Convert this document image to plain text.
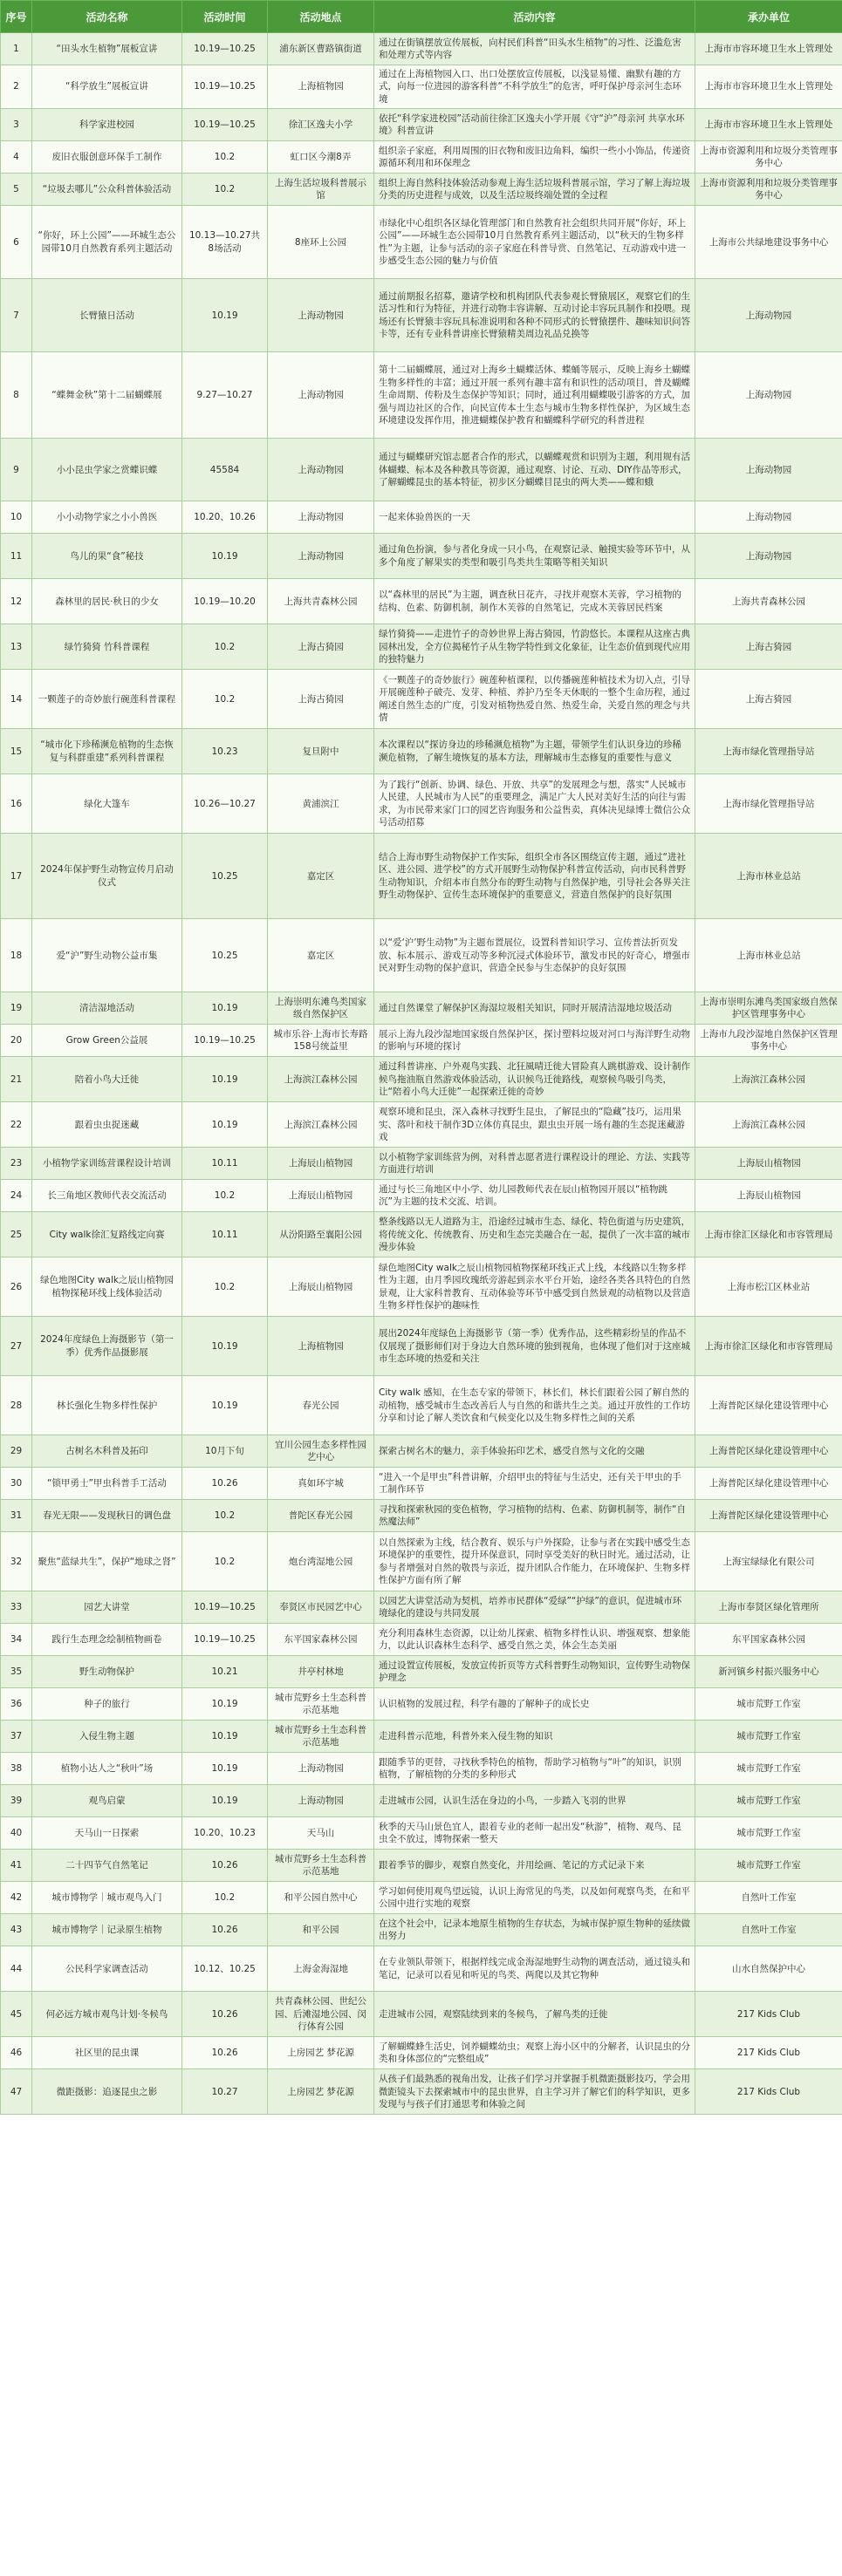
序号	活动名称	活动时间	活动地点	活动内容	承办单位
1	“田头水生植物”展板宣讲	10.19—10.25	浦东新区曹路镇街道	通过在街镇摆放宣传展板，向村民们科普“田头水生植物”的习性、泛滥危害和处理方式等内容	上海市市容环境卫生水上管理处
2	“科学放生”展板宣讲	10.19—10.25	上海植物园	通过在上海植物园入口、出口处摆放宣传展板，以浅显易懂、幽默有趣的方式，向每一位进园的游客科普“不科学放生”的危害，呼吁保护母亲河生态环境	上海市市容环境卫生水上管理处
3	科学家进校园	10.19—10.25	徐汇区逸夫小学	依托“科学家进校园”活动前往徐汇区逸夫小学开展《守“沪”母亲河 共享水环境》科普宣讲	上海市市容环境卫生水上管理处
4	废旧衣服创意环保手工制作	10.2	虹口区今潮8弄	组织亲子家庭，利用周围的旧衣物和废旧边角料，编织一些小小饰品，传递资源循环利用和环保理念	上海市资源利用和垃圾分类管理事务中心
5	“垃圾去哪儿”公众科普体验活动	10.2	上海生活垃圾科普展示馆	组织上海自然科技体验活动参观上海生活垃圾科普展示馆，学习了解上海垃圾分类的历史进程与成效，以及生活垃圾终端处置的全过程	上海市资源利用和垃圾分类管理事务中心
6	“你好，环上公园”——环城生态公园带10月自然教育系列主题活动	10.13—10.27共8场活动	8座环上公园	市绿化中心组织各区绿化管理部门和自然教育社会组织共同开展“你好，环上公园”——环城生态公园带10月自然教育系列主题活动，以“秋天的生物多样性”为主题，让参与活动的亲子家庭在科普导赏、自然笔记、互动游戏中进一步感受生态公园的魅力与价值	上海市公共绿地建设事务中心
7	长臂猿日活动	10.19	上海动物园	通过前期报名招募，邀请学校和机构团队代表参观长臂猿展区，观察它们的生活习性和行为特征，并进行动物丰容讲解、互动讨论丰容玩具制作和投喂。现场还有长臂猿丰容玩具标准说明和各种不同形式的长臂猿摆件、趣味知识问答卡等，还有专业科普讲座长臂猿精美周边礼品兑换等	上海动物园
8	“蝶舞金秋”第十二届蝴蝶展	9.27—10.27	上海动物园	第十二届蝴蝶展，通过对上海乡土蝴蝶活体、蝶蛹等展示，反映上海乡土蝴蝶生物多样性的丰富；通过开展一系列有趣丰富有和识性的活动项目，普及蝴蝶生命周期、传粉及生态保护等知识；同时，通过利用蝴蝶吸引游客的方式，加强与周边社区的合作，向民宣传本土生态与城市生物多样性保护，为区域生态环境建设发挥作用，推进蝴蝶保护教育和蝴蝶科学研究的科普进程	上海动物园
9	小小昆虫学家之赏蝶识蝶	45584	上海动物园	通过与蝴蝶研究馆志愿者合作的形式，以蝴蝶观赏和识别为主题，利用规有活体蝴蝶、标本及各种教具等资源，通过观察、讨论、互动、DIY作品等形式，了解蝴蝶昆虫的基本特征，初步区分蝴蝶目昆虫的两大类——蝶和蛾	上海动物园
10	小小动物学家之小小兽医	10.20、10.26	上海动物园	一起来体验兽医的一天	上海动物园
11	鸟儿的果“食”秘技	10.19	上海动物园	通过角色扮演，参与者化身成一只小鸟，在观察记录、触摸实验等环节中，从多个角度了解果实的类型和吸引鸟类共生策略等相关知识	上海动物园
12	森林里的居民·秋日的少女	10.19—10.20	上海共青森林公园	以“森林里的居民”为主题，调查秋日花卉，寻找并观察木芙蓉，学习植物的结构、色素、防御机制，制作木芙蓉的自然笔记，完成木芙蓉居民档案	上海共青森林公园
13	绿竹猗猗 竹科普课程	10.2	上海古猗园	绿竹猗猗——走进竹子的奇妙世界上海古猗园，竹韵悠长。本课程从这座古典园林出发，全方位揭秘竹子从生物学特性到文化象征，让生态价值到现代应用的独特魅力	上海古猗园
14	一颗莲子的奇妙旅行碗莲科普课程	10.2	上海古猗园	《一颗莲子的奇妙旅行》碗莲种植课程，以传播碗莲种植技术为切入点，引导开展碗莲种子破壳、发芽、种植、养护乃至冬天休眠的一整个生命历程，通过阐述自然生态的广度，引发对植物热爱自然、热爱生命，关爱自然的理念与共情	上海古猗园
15	“城市化下珍稀濒危植物的生态恢复与科群重建”系列科普课程	10.23	复旦附中	本次课程以“探访身边的珍稀濒危植物”为主题，带领学生们认识身边的珍稀濒危植物，了解生境恢复的基本方法，理解城市生态修复的重要性与意义	上海市绿化管理指导站
16	绿化大篷车	10.26—10.27	黄浦滨江	为了践行“创新、协调、绿色、开放、共享”的发展理念与想，落实“人民城市人民建，人民城市为人民”的重要理念，满足广大人民对美好生活的向往与需求，为市民带来家门口的园艺咨询服务和公益售卖，真体决见绿博士微信公众号活动招募	上海市绿化管理指导站
17	2024年保护野生动物宣传月启动仪式	10.25	嘉定区	结合上海市野生动物保护工作实际，组织全市各区围绕宣传主题，通过“进社区、进公园、进学校”的方式开展野生动物保护科普宣传活动，向市民科普野生动物知识，介绍本市自然分布的野生动物与自然保护地，引导社会各界关注野生动物保护、宣传生态环境保护的重要意义，营造自然保护的良好氛围	上海市林业总站
18	爱“沪”野生动物公益市集	10.25	嘉定区	以“爱‘沪’野生动物”为主题布置展位，设置科普知识学习、宣传普法折页发放、标本展示、游戏互动等多种沉浸式体验环节，激发市民的好奇心，增强市民对野生动物的保护意识，营造全民参与生态保护的良好氛围	上海市林业总站
19	清洁湿地活动	10.19	上海崇明东滩鸟类国家级自然保护区	通过自然课堂了解保护区海湿垃圾相关知识，同时开展清洁湿地垃圾活动	上海市崇明东滩鸟类国家级自然保护区管理事务中心
20	Grow Green公益展	10.19—10.25	城市乐谷·上海市长寿路158号统益里	展示上海九段沙湿地国家级自然保护区，探讨塑料垃圾对河口与海洋野生动物的影响与环境的探讨	上海市九段沙湿地自然保护区管理事务中心
21	陪着小鸟大迁徙	10.19	上海滨江森林公园	通过科普讲座、户外观鸟实践、北狂風晴迁徙大冒险真人跳棋游戏、设计制作候鸟拖油瓶自然游戏体验活动，认识候鸟迁徙路线，观察候鸟吸引鸟类，让“陪着小鸟大迁徙”一起探索迁徙的奇妙	上海滨江森林公园
22	跟着虫虫捉迷藏	10.19	上海滨江森林公园	观察环境和昆虫，深入森林寻找野生昆虫，了解昆虫的“隐藏”技巧，运用果实、落叶和枝干制作3D立体仿真昆虫，跟虫虫开展一场有趣的生态捉迷藏游戏	上海滨江森林公园
23	小植物学家训练营课程设计培训	10.11	上海辰山植物园	以小植物学家训练营为例，对科普志愿者进行课程设计的理论、方法、实践等方面进行培训	上海辰山植物园
24	长三角地区教师代表交流活动	10.2	上海辰山植物园	通过与长三角地区中小学、幼儿园教师代表在辰山植物园开展以“植物跳沉”为主题的技术交流、培训。	上海辰山植物园
25	City walk徐汇复路线定向赛	10.11	从汾阳路至襄阳公园	整条线路以无人道路为主，沿途经过城市生态、绿化、特色街道与历史建筑，将传统文化、传统教育、历史和生态完美融合在一起，提供了一次丰富的城市漫步体验	上海市徐汇区绿化和市容管理局
26	绿色地图City walk之辰山植物园植物探秘环线上线体验活动	10.2	上海辰山植物园	绿色地图City walk之辰山植物园植物探秘环线正式上线，本线路以生物多样性为主题，由月季园玫瑰纸旁游起到亲水平台开始，途经各类各具特色的自然景观，让大家科普教育、互动体验等环节中感受到自然景观的动植物以及营造生物多样性保护的趣味性	上海市松江区林业站
27	2024年度绿色上海摄影节（第一季）优秀作品摄影展	10.19	上海植物园	展出2024年度绿色上海摄影节（第一季）优秀作品，这些精彩纷呈的作品不仅展现了摄影师们对于身边大自然环境的独到视角，也体现了他们对于这座城市生态环境的热爱和关注	上海市徐汇区绿化和市容管理局
28	林长强化生物多样性保护	10.19	春光公园	City walk 感知，在生态专家的带领下，林长们，林长们跟着公园了解自然的动植物，感受城市生态改善后人与自然的和谐共生之美。通过开放性的工作坊分享和讨论了解人类饮食和气候变化以及生物多样性之间的关系	上海普陀区绿化建设管理中心
29	古树名木科普及拓印	10月下旬	宜川公园生态多样性园艺中心	探索古树名木的魅力，亲手体验拓印艺术，感受自然与文化的交融	上海普陀区绿化建设管理中心
30	“锁甲勇士”甲虫科普手工活动	10.26	真如环宇城	“进入一个是甲虫”科普讲解，介绍甲虫的特征与生活史，还有关于甲虫的手工制作环节	上海普陀区绿化建设管理中心
31	春光无限——发现秋日的调色盘	10.2	普陀区春光公园	寻找和探索秋园的变色植物，学习植物的结构、色素、防御机制等，制作“自然魔法师”	上海普陀区绿化建设管理中心
32	聚焦“蓝绿共生”，保护“地球之肾”	10.2	炮台湾湿地公园	以自然探索为主线，结合教育、娱乐与户外探险，让参与者在实践中感受生态环境保护的重要性，提升环保意识，同时享受美好的秋日时光。通过活动，让参与者增强对自然的敬畏与亲近，提升团队合作能力，在环境保护、生物多样性保护方面有所了解	上海宝绿绿化有限公司
33	园艺大讲堂	10.19—10.25	奉贤区市民园艺中心	以园艺大讲堂活动为契机，培养市民群体“爱绿”“护绿”的意识，促进城市环境绿化的建设与共同发展	上海市奉贤区绿化管理所
34	践行生态理念绘制植物画卷	10.19—10.25	东平国家森林公园	充分利用森林生态资源，以让幼儿探索、植物多样性认识、增强观察、想象能力，以此认识森林生态科学、感受自然之美，体会生态美丽	东平国家森林公园
35	野生动物保护	10.21	井亭村林地	通过设置宣传展板，发放宣传折页等方式科普野生动物知识，宣传野生动物保护理念	新河镇乡村振兴服务中心
36	种子的旅行	10.19	城市荒野乡土生态科普示范基地	认识植物的发展过程，科学有趣的了解种子的成长史	城市荒野工作室
37	入侵生物主题	10.19	城市荒野乡土生态科普示范基地	走进科普示范地，科普外来入侵生物的知识	城市荒野工作室
38	植物小达人之“秋叶”场	10.19	上海动物园	跟随季节的更替，寻找秋季特色的植物，帮助学习植物与“叶”的知识，识别植物，了解植物的分类的多种形式	城市荒野工作室
39	观鸟启蒙	10.19	上海动物园	走进城市公园，认识生活在身边的小鸟，一步踏入飞羽的世界	城市荒野工作室
40	天马山一日探索	10.20、10.23	天马山	秋季的天马山景色宜人，跟着专业的老师一起出发“秋游”，植物、观鸟、昆虫全不放过，博物探索一整天	城市荒野工作室
41	二十四节气自然笔记	10.26	城市荒野乡土生态科普示范基地	跟着季节的脚步，观察自然变化，并用绘画、笔记的方式记录下来	城市荒野工作室
42	城市博物学｜城市观鸟入门	10.2	和平公园自然中心	学习如何使用观鸟望远镜，认识上海常见的鸟类，以及如何观察鸟类，在和平公园中进行实地的观察	自然叶工作室
43	城市博物学｜记录原生植物	10.26	和平公园	在这个社会中，记录本地原生植物的生存状态，为城市保护原生物种的延续做出努力	自然叶工作室
44	公民科学家调查活动	10.12、10.25	上海金海湿地	在专业领队带领下，根据样线完成金海湿地野生动物的调查活动，通过镜头和笔记，记录可以看见和听见的鸟类、两爬以及其它物种	山水自然保护中心
45	何必远方城市观鸟计划·冬候鸟	10.26	共青森林公园、世纪公园、后滩湿地公园、闵行体育公园	走进城市公园，观察陆续到来的冬候鸟，了解鸟类的迁徙	217 Kids Club
46	社区里的昆虫课	10.26	上房园艺 梦花源	了解蝴蝶蜂生活史，饲养蝴蝶幼虫；观察上海小区中的分解者，认识昆虫的分类和身体部位的“完整组成”	217 Kids Club
47	微距摄影：追逐昆虫之影	10.27	上房园艺 梦花源	从孩子们最熟悉的视角出发，让孩子们学习并掌握手机微距摄影技巧，学会用微距镜头下去探索城市中的昆虫世界，自主学习并了解它们的科学知识，更多发现与与孩子们打通思考和体验之间	217 Kids Club
